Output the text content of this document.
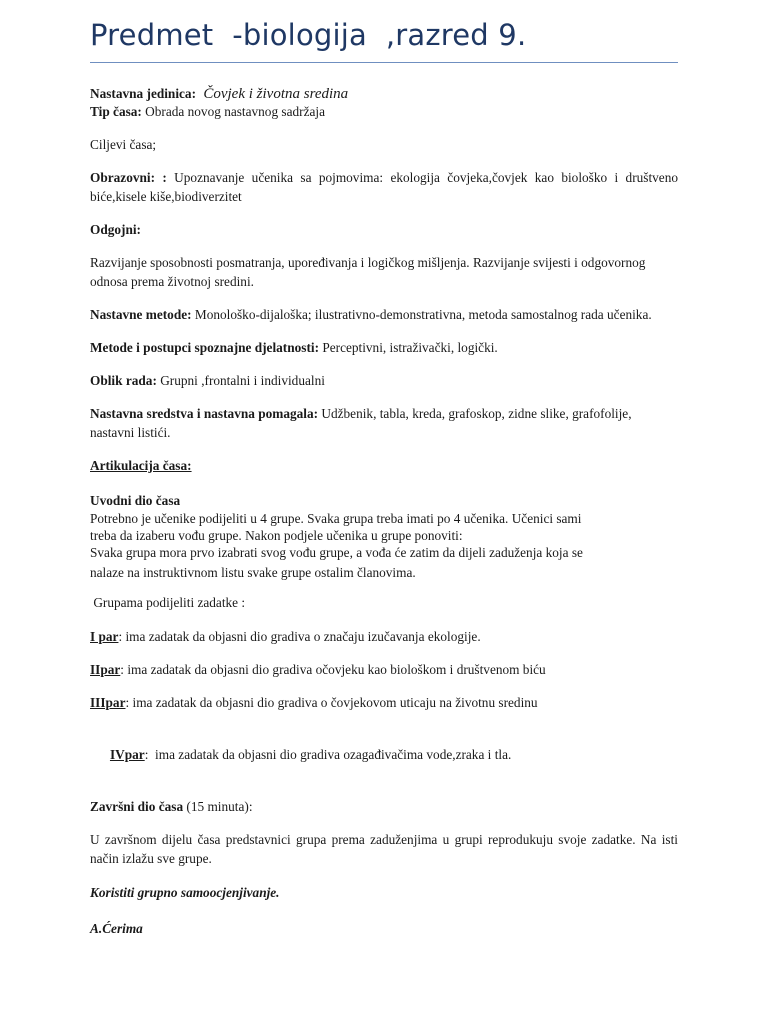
Predmet  -biologija  ,razred 9.

Nastavna jedinica: Čovjek i životna sredina

Tip časa: Obrada novog nastavnog sadržaja

Ciljevi časa;

Obrazovni: : Upoznavanje učenika sa pojmovima: ekologija čovjeka,čovjek kao biološko i društveno biće,kisele kiše,biodiverzitet

Odgojni:

Razvijanje sposobnosti posmatranja, upoređivanja i logičkog mišljenja. Razvijanje svijesti i odgovornog odnosa prema životnoj sredini.

Nastavne metode: Monološko-dijaloška; ilustrativno-demonstrativna, metoda samostalnog rada učenika.

Metode i postupci spoznajne djelatnosti: Perceptivni, istraživački, logički.

Oblik rada: Grupni ,frontalni i individualni

Nastavna sredstva i nastavna pomagala: Udžbenik, tabla, kreda, grafoskop, zidne slike, grafofolije, nastavni listići.

Artikulacija časa:

Uvodni dio časa

Potrebno je učenike podijeliti u 4 grupe. Svaka grupa treba imati po 4 učenika. Učenici sami
treba da izaberu vođu grupe. Nakon podjele učenika u grupe ponoviti:
Svaka grupa mora prvo izabrati svog vođu grupe, a vođa će zatim da dijeli zaduženja koja se
nalaze na instruktivnom listu svake grupe ostalim članovima.

Grupama podijeliti zadatke :

I par: ima zadatak da objasni dio gradiva o značaju izučavanja ekologije.

IIpar: ima zadatak da objasni dio gradiva očovjeku kao biološkom i društvenom biću

IIIpar: ima zadatak da objasni dio gradiva o čovjekovom uticaju na životnu sredinu

IVpar:  ima zadatak da objasni dio gradiva ozagađivačima vode,zraka i tla.

Završni dio časa (15 minuta):

U završnom dijelu časa predstavnici grupa prema zaduženjima u grupi reprodukuju svoje zadatke. Na isti način izlažu sve grupe.

Koristiti grupno samoocjenjivanje.

A.Ćerima
